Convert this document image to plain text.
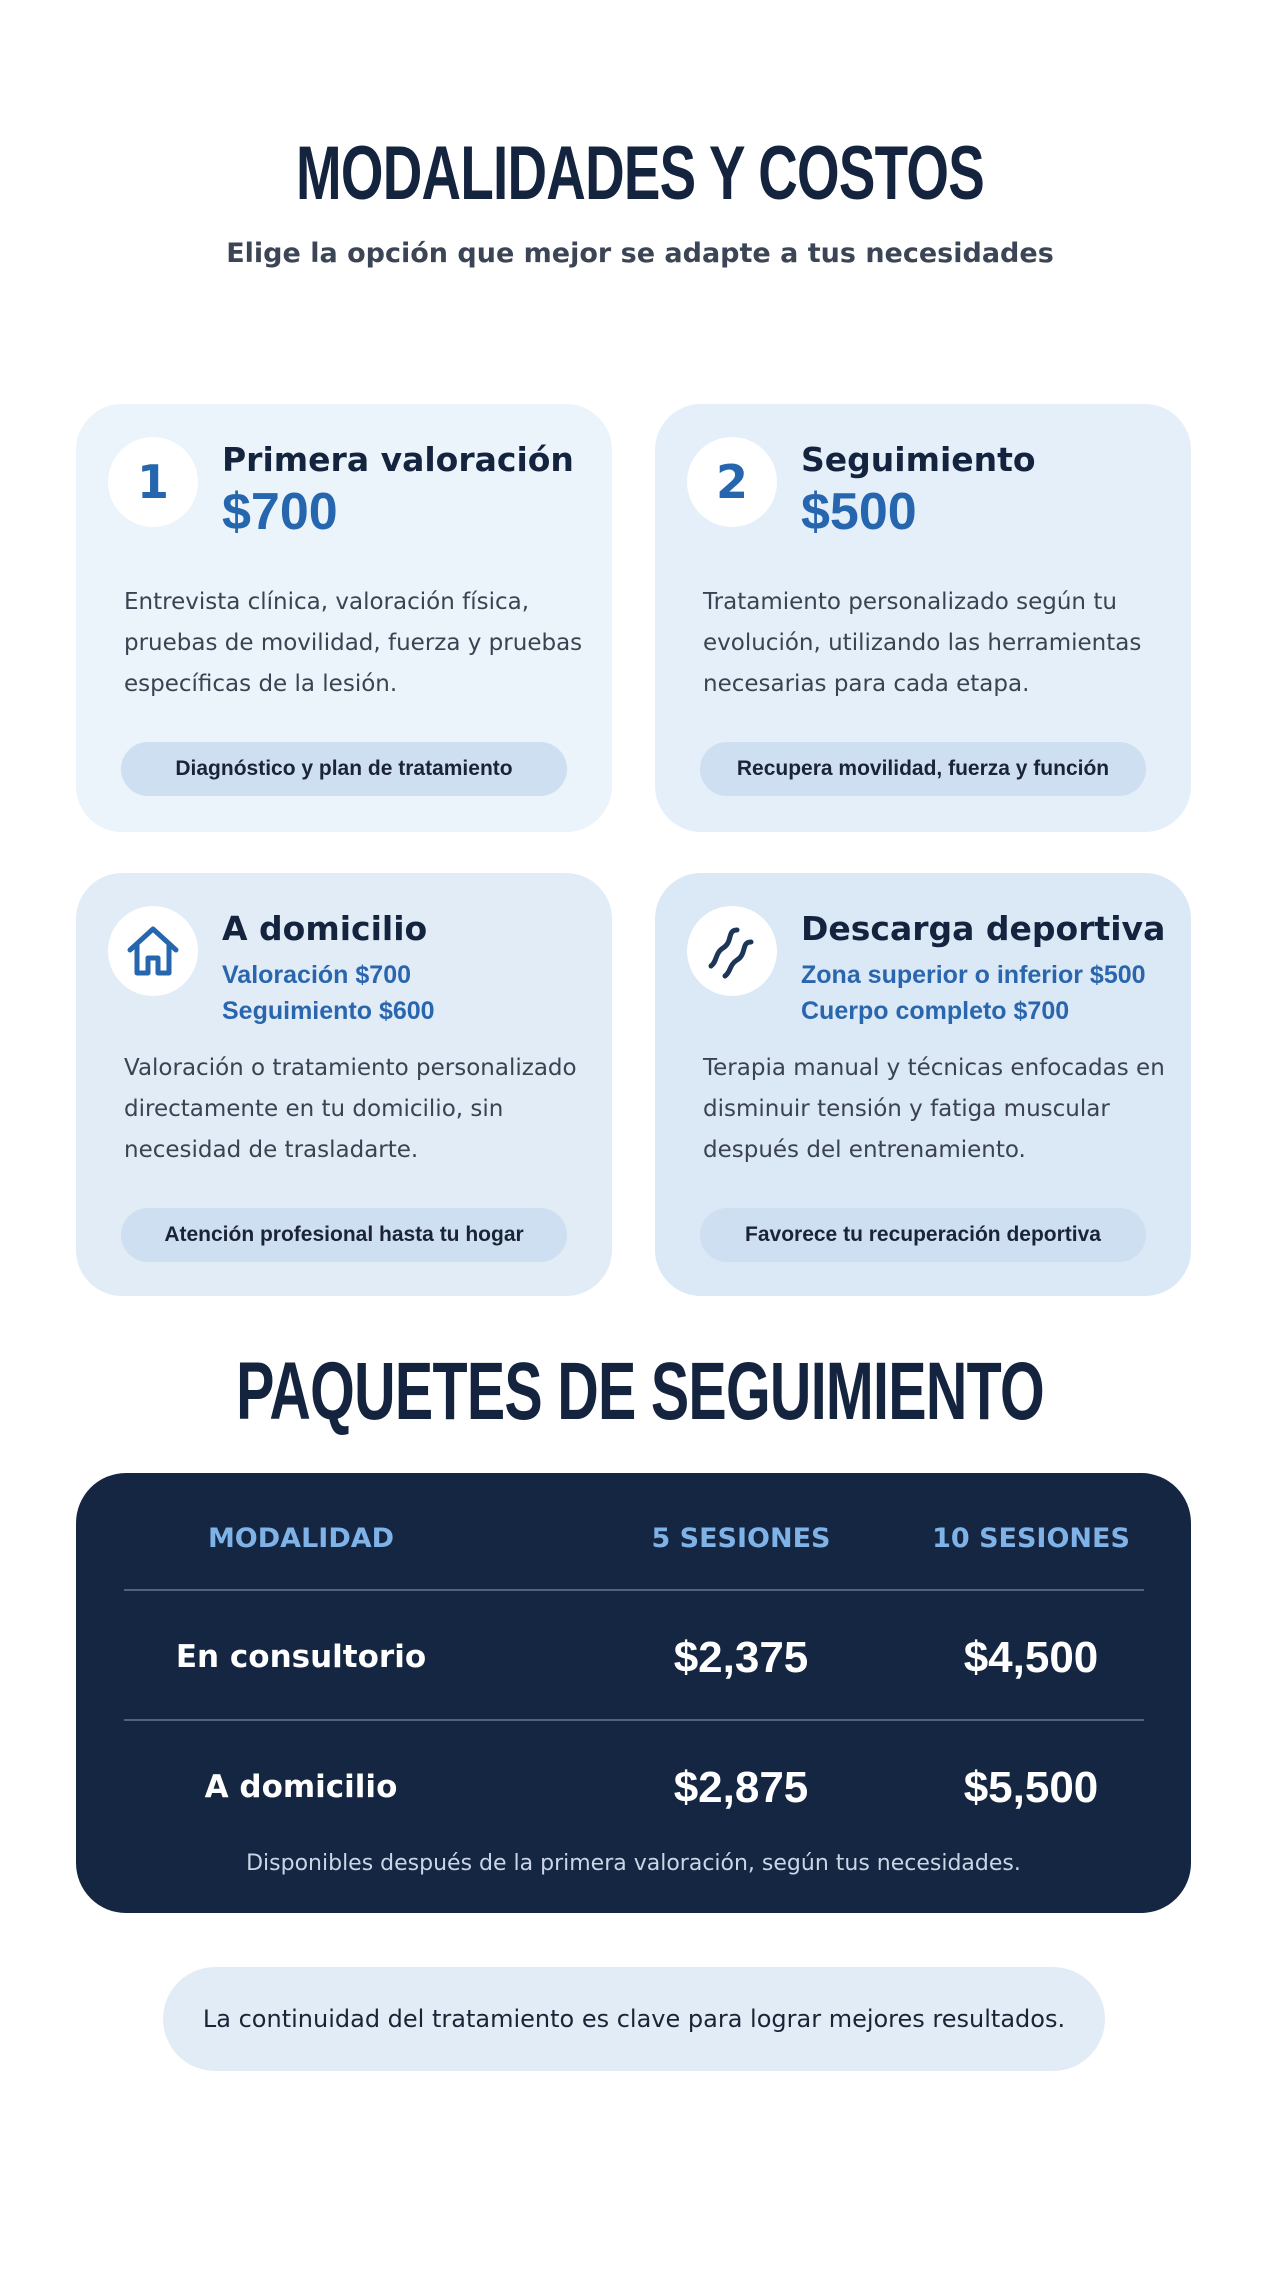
MODALIDADES Y COSTOS
Elige la opción que mejor se adapte a tus necesidades
1	Primera valoración
$700
Entrevista clínica, valoración física, pruebas de movilidad, fuerza y pruebas específicas de la lesión.
Diagnóstico y plan de tratamiento
2	Seguimiento
$500
Tratamiento personalizado según tu evolución, utilizando las herramientas necesarias para cada etapa.
Recupera movilidad, fuerza y función
A domicilio
Valoración $700
Seguimiento $600
Valoración o tratamiento personalizado directamente en tu domicilio, sin necesidad de trasladarte.
Atención profesional hasta tu hogar
Descarga deportiva
Zona superior o inferior $500
Cuerpo completo $700
Terapia manual y técnicas enfocadas en disminuir tensión y fatiga muscular después del entrenamiento.
Favorece tu recuperación deportiva
PAQUETES DE SEGUIMIENTO
MODALIDAD	5 SESIONES	10 SESIONES
En consultorio	$2,375	$4,500
A domicilio	$2,875	$5,500
Disponibles después de la primera valoración, según tus necesidades.
La continuidad del tratamiento es clave para lograr mejores resultados.
